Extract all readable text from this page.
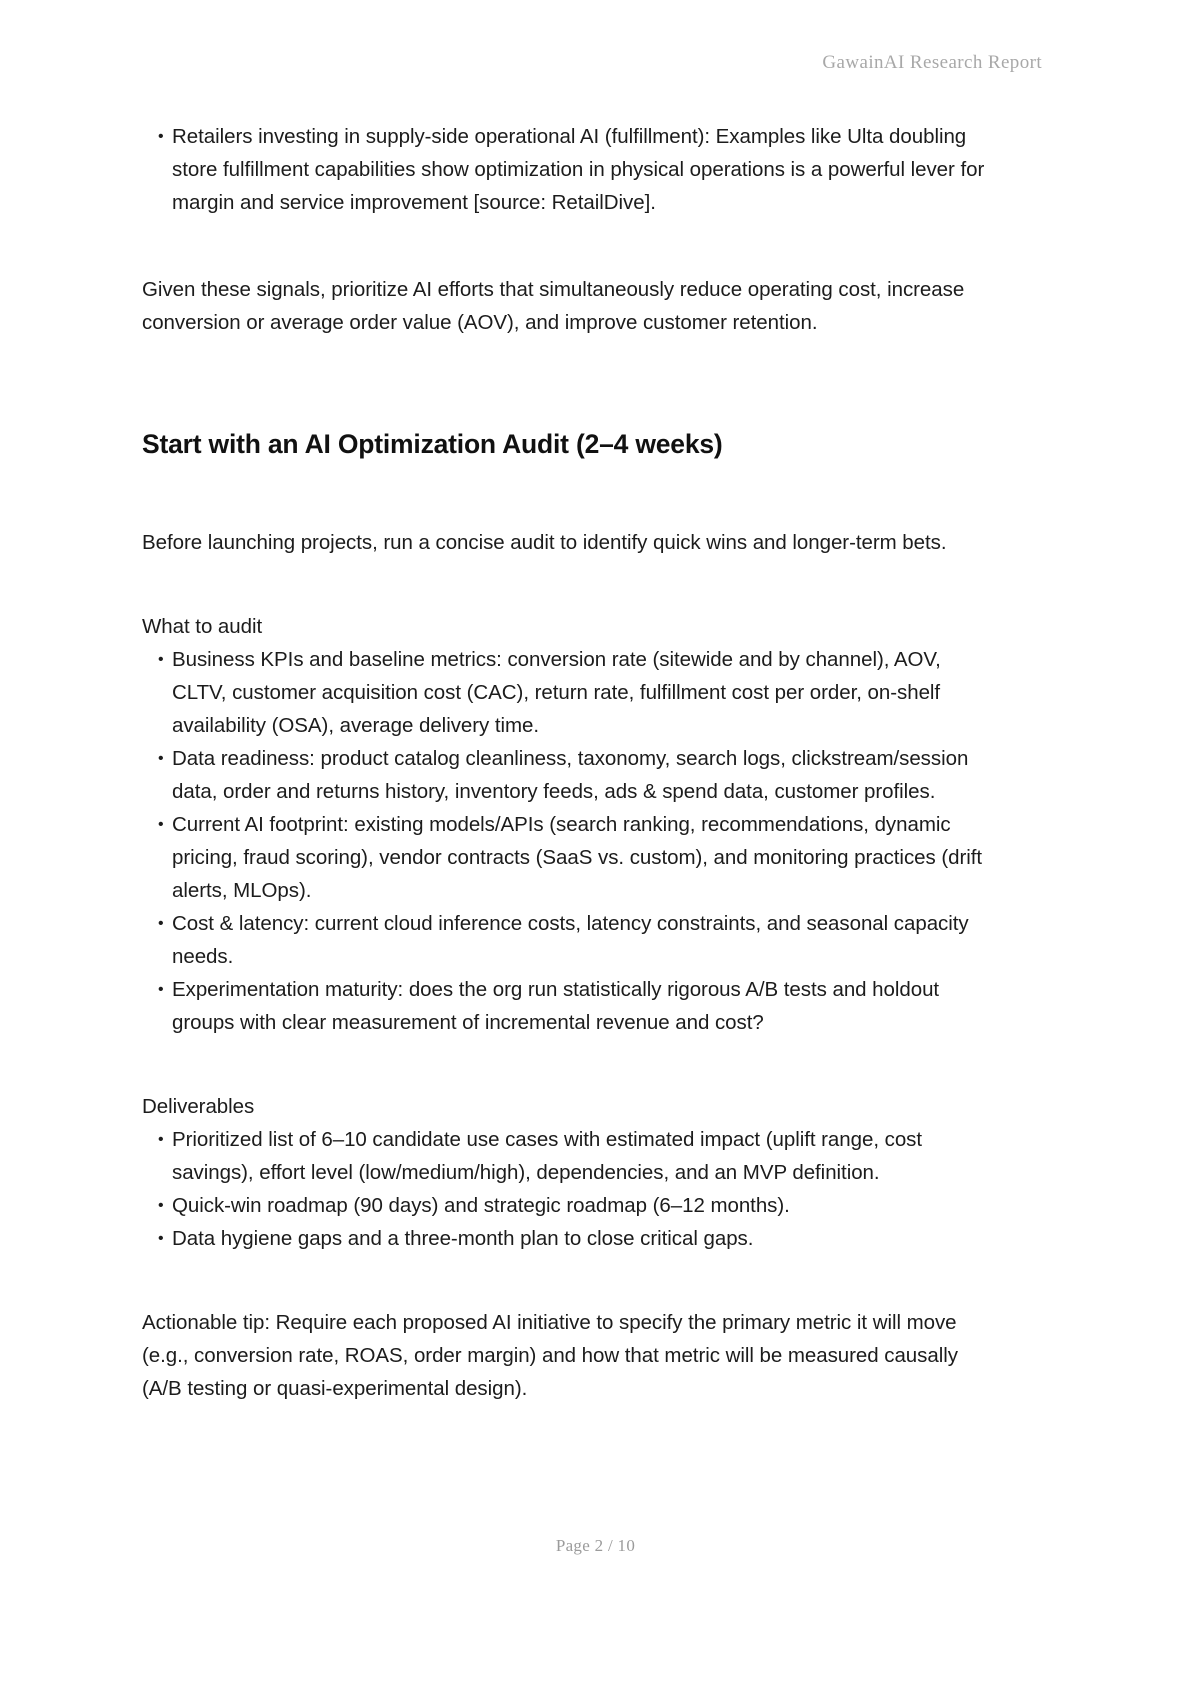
GawainAI Research Report
• Retailers investing in supply-side operational AI (fulfillment): Examples like Ulta doubling store fulfillment capabilities show optimization in physical operations is a powerful lever for margin and service improvement [source: RetailDive].

Given these signals, prioritize AI efforts that simultaneously reduce operating cost, increase conversion or average order value (AOV), and improve customer retention.

Start with an AI Optimization Audit (2–4 weeks)

Before launching projects, run a concise audit to identify quick wins and longer-term bets.

What to audit

• Business KPIs and baseline metrics: conversion rate (sitewide and by channel), AOV, CLTV, customer acquisition cost (CAC), return rate, fulfillment cost per order, on-shelf availability (OSA), average delivery time.
• Data readiness: product catalog cleanliness, taxonomy, search logs, clickstream/session data, order and returns history, inventory feeds, ads & spend data, customer profiles.
• Current AI footprint: existing models/APIs (search ranking, recommendations, dynamic pricing, fraud scoring), vendor contracts (SaaS vs. custom), and monitoring practices (drift alerts, MLOps).
• Cost & latency: current cloud inference costs, latency constraints, and seasonal capacity needs.
• Experimentation maturity: does the org run statistically rigorous A/B tests and holdout groups with clear measurement of incremental revenue and cost?

Deliverables

• Prioritized list of 6–10 candidate use cases with estimated impact (uplift range, cost savings), effort level (low/medium/high), dependencies, and an MVP definition.
• Quick-win roadmap (90 days) and strategic roadmap (6–12 months).
• Data hygiene gaps and a three-month plan to close critical gaps.

Actionable tip: Require each proposed AI initiative to specify the primary metric it will move (e.g., conversion rate, ROAS, order margin) and how that metric will be measured causally (A/B testing or quasi-experimental design).

Page 2 / 10
